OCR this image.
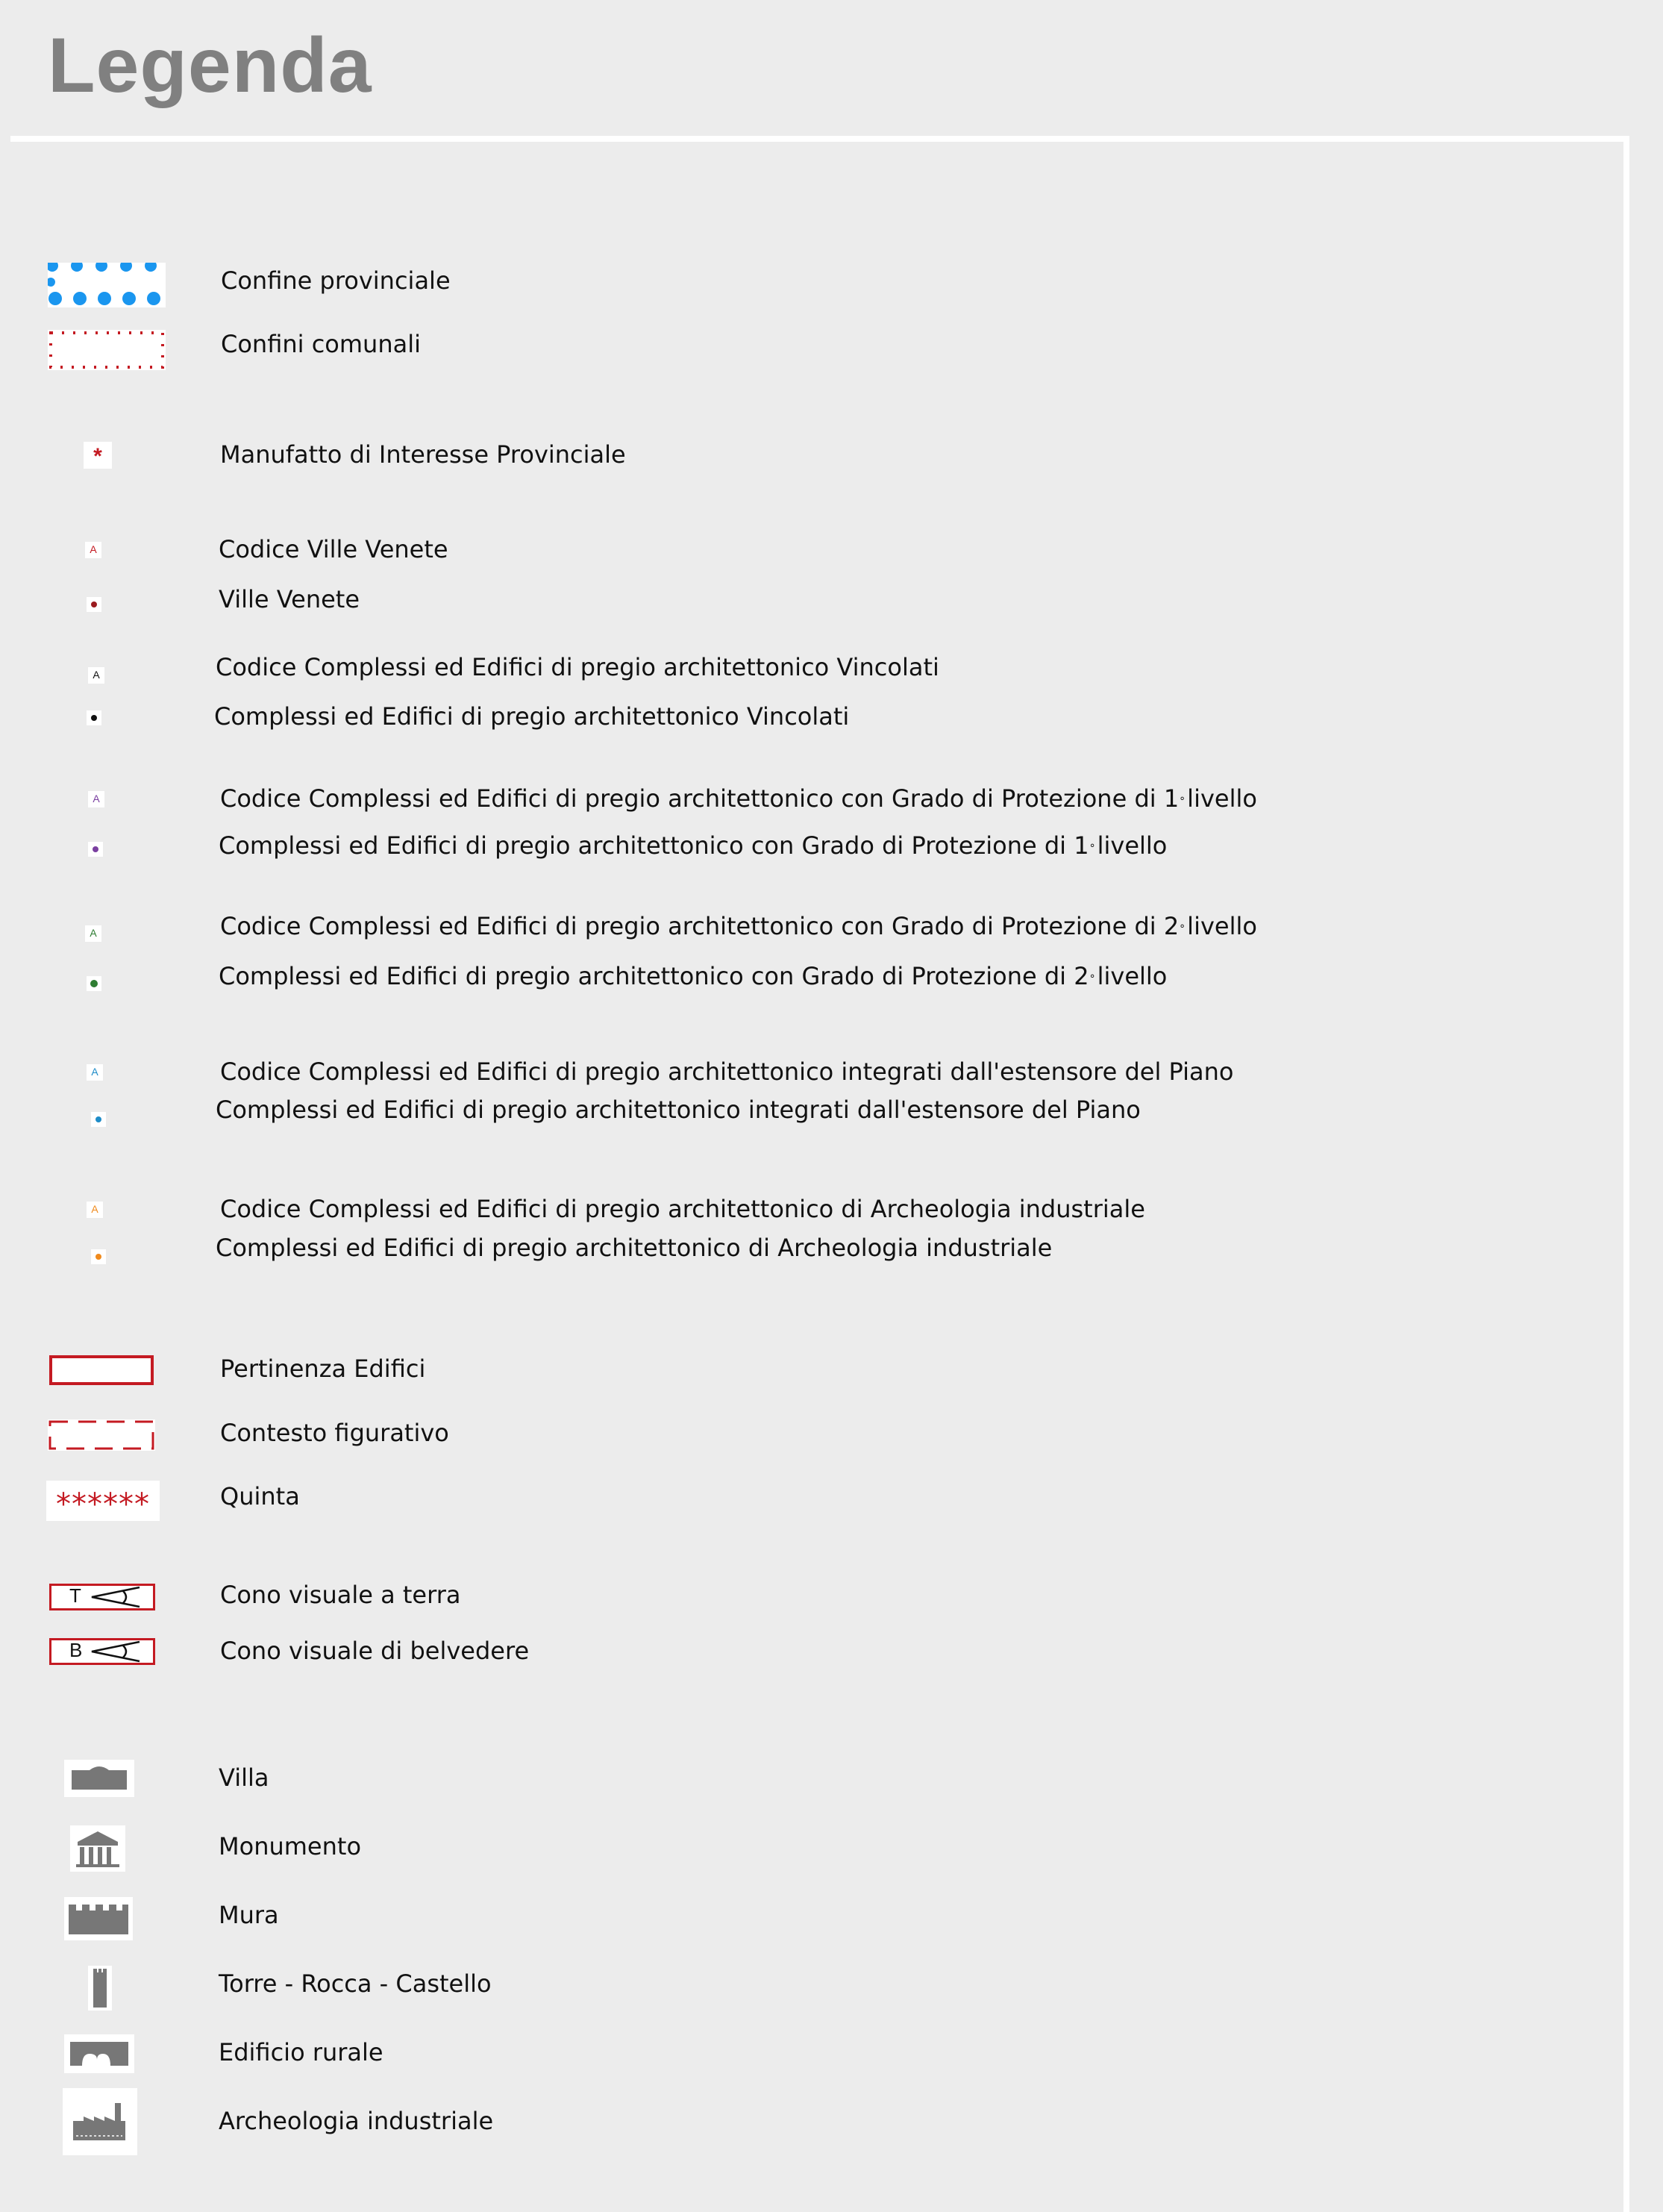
Legenda
Confine provinciale
Confini comunali
*	Manufatto di Interesse Provinciale
A	Codice Ville Venete
Ville Venete
A	Codice Complessi ed Edifici di pregio architettonico Vincolati
Complessi ed Edifici di pregio architettonico Vincolati
A	Codice Complessi ed Edifici di pregio architettonico con Grado di Protezione di 1°livello
Complessi ed Edifici di pregio architettonico con Grado di Protezione di 1°livello
A	Codice Complessi ed Edifici di pregio architettonico con Grado di Protezione di 2°livello
Complessi ed Edifici di pregio architettonico con Grado di Protezione di 2°livello
A	Codice Complessi ed Edifici di pregio architettonico integrati dall'estensore del Piano
Complessi ed Edifici di pregio architettonico integrati dall'estensore del Piano
A	Codice Complessi ed Edifici di pregio architettonico di Archeologia industriale
Complessi ed Edifici di pregio architettonico di Archeologia industriale
Pertinenza Edifici
Contesto figurativo
******	Quinta
T	Cono visuale a terra
B	Cono visuale di belvedere
Villa
Monumento
Mura
Torre - Rocca - Castello
Edificio rurale
Archeologia industriale
